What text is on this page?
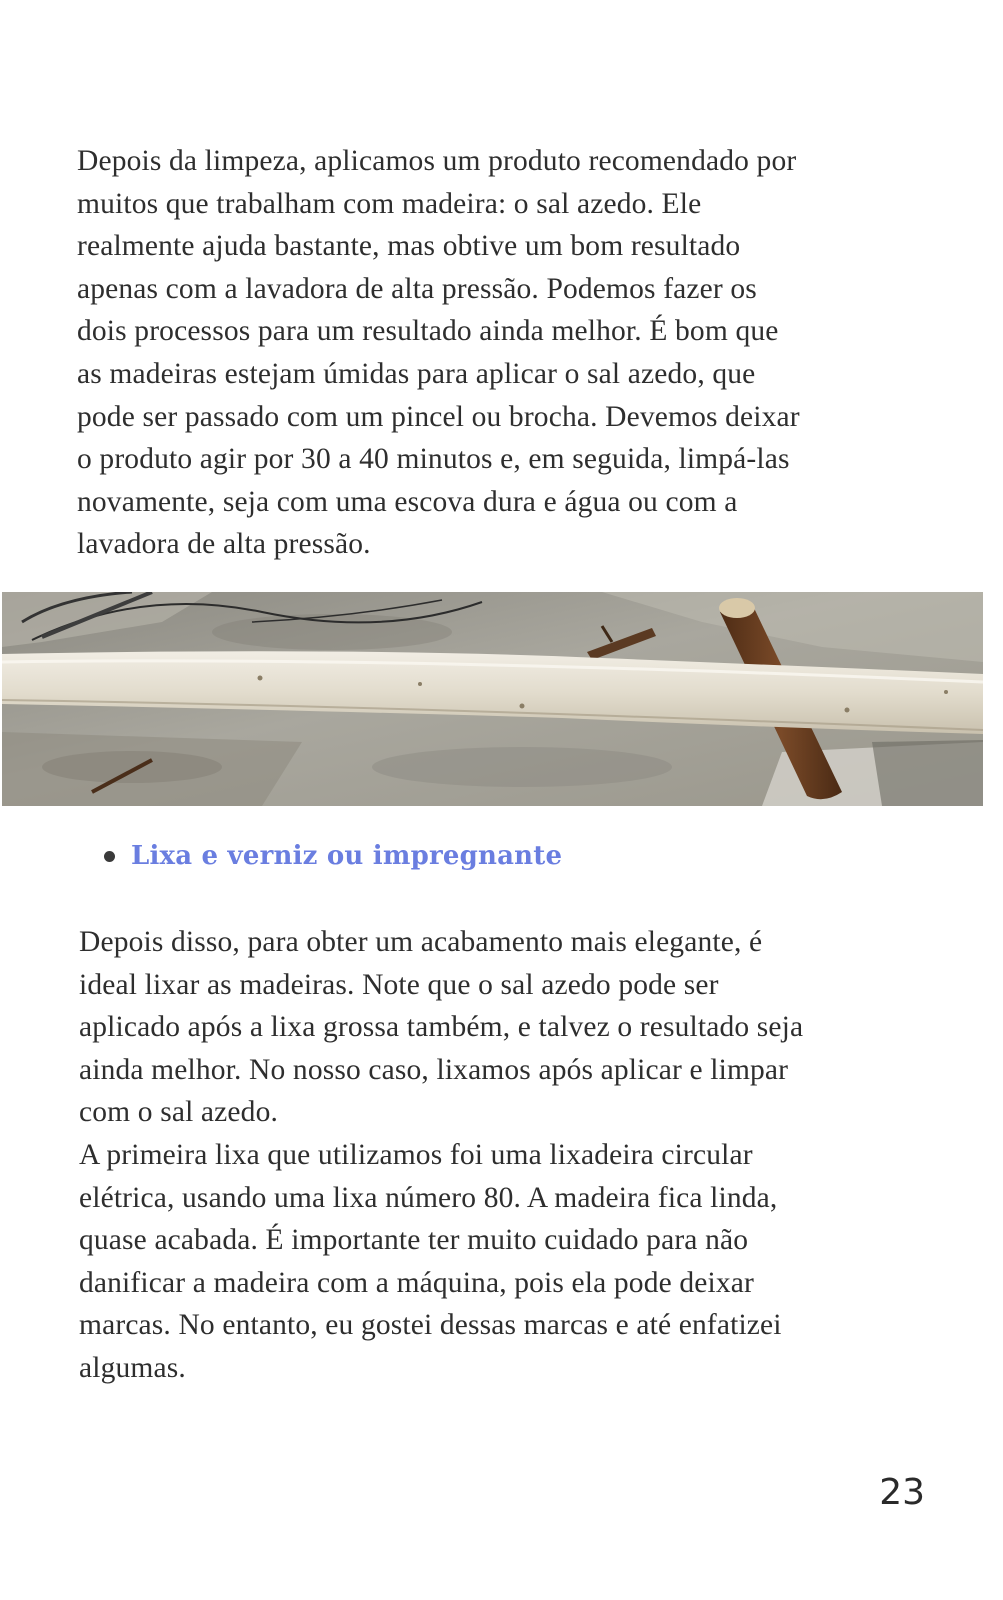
Depois da limpeza, aplicamos um produto recomendado por
muitos que trabalham com madeira: o sal azedo. Ele
realmente ajuda bastante, mas obtive um bom resultado
apenas com a lavadora de alta pressão. Podemos fazer os
dois processos para um resultado ainda melhor. É bom que
as madeiras estejam úmidas para aplicar o sal azedo, que
pode ser passado com um pincel ou brocha. Devemos deixar
o produto agir por 30 a 40 minutos e, em seguida, limpá-las
novamente, seja com uma escova dura e água ou com a
lavadora de alta pressão.
Lixa e verniz ou impregnante
Depois disso, para obter um acabamento mais elegante, é
ideal lixar as madeiras. Note que o sal azedo pode ser
aplicado após a lixa grossa também, e talvez o resultado seja
ainda melhor. No nosso caso, lixamos após aplicar e limpar
com o sal azedo.
A primeira lixa que utilizamos foi uma lixadeira circular
elétrica, usando uma lixa número 80. A madeira fica linda,
quase acabada. É importante ter muito cuidado para não
danificar a madeira com a máquina, pois ela pode deixar
marcas. No entanto, eu gostei dessas marcas e até enfatizei
algumas.
23
